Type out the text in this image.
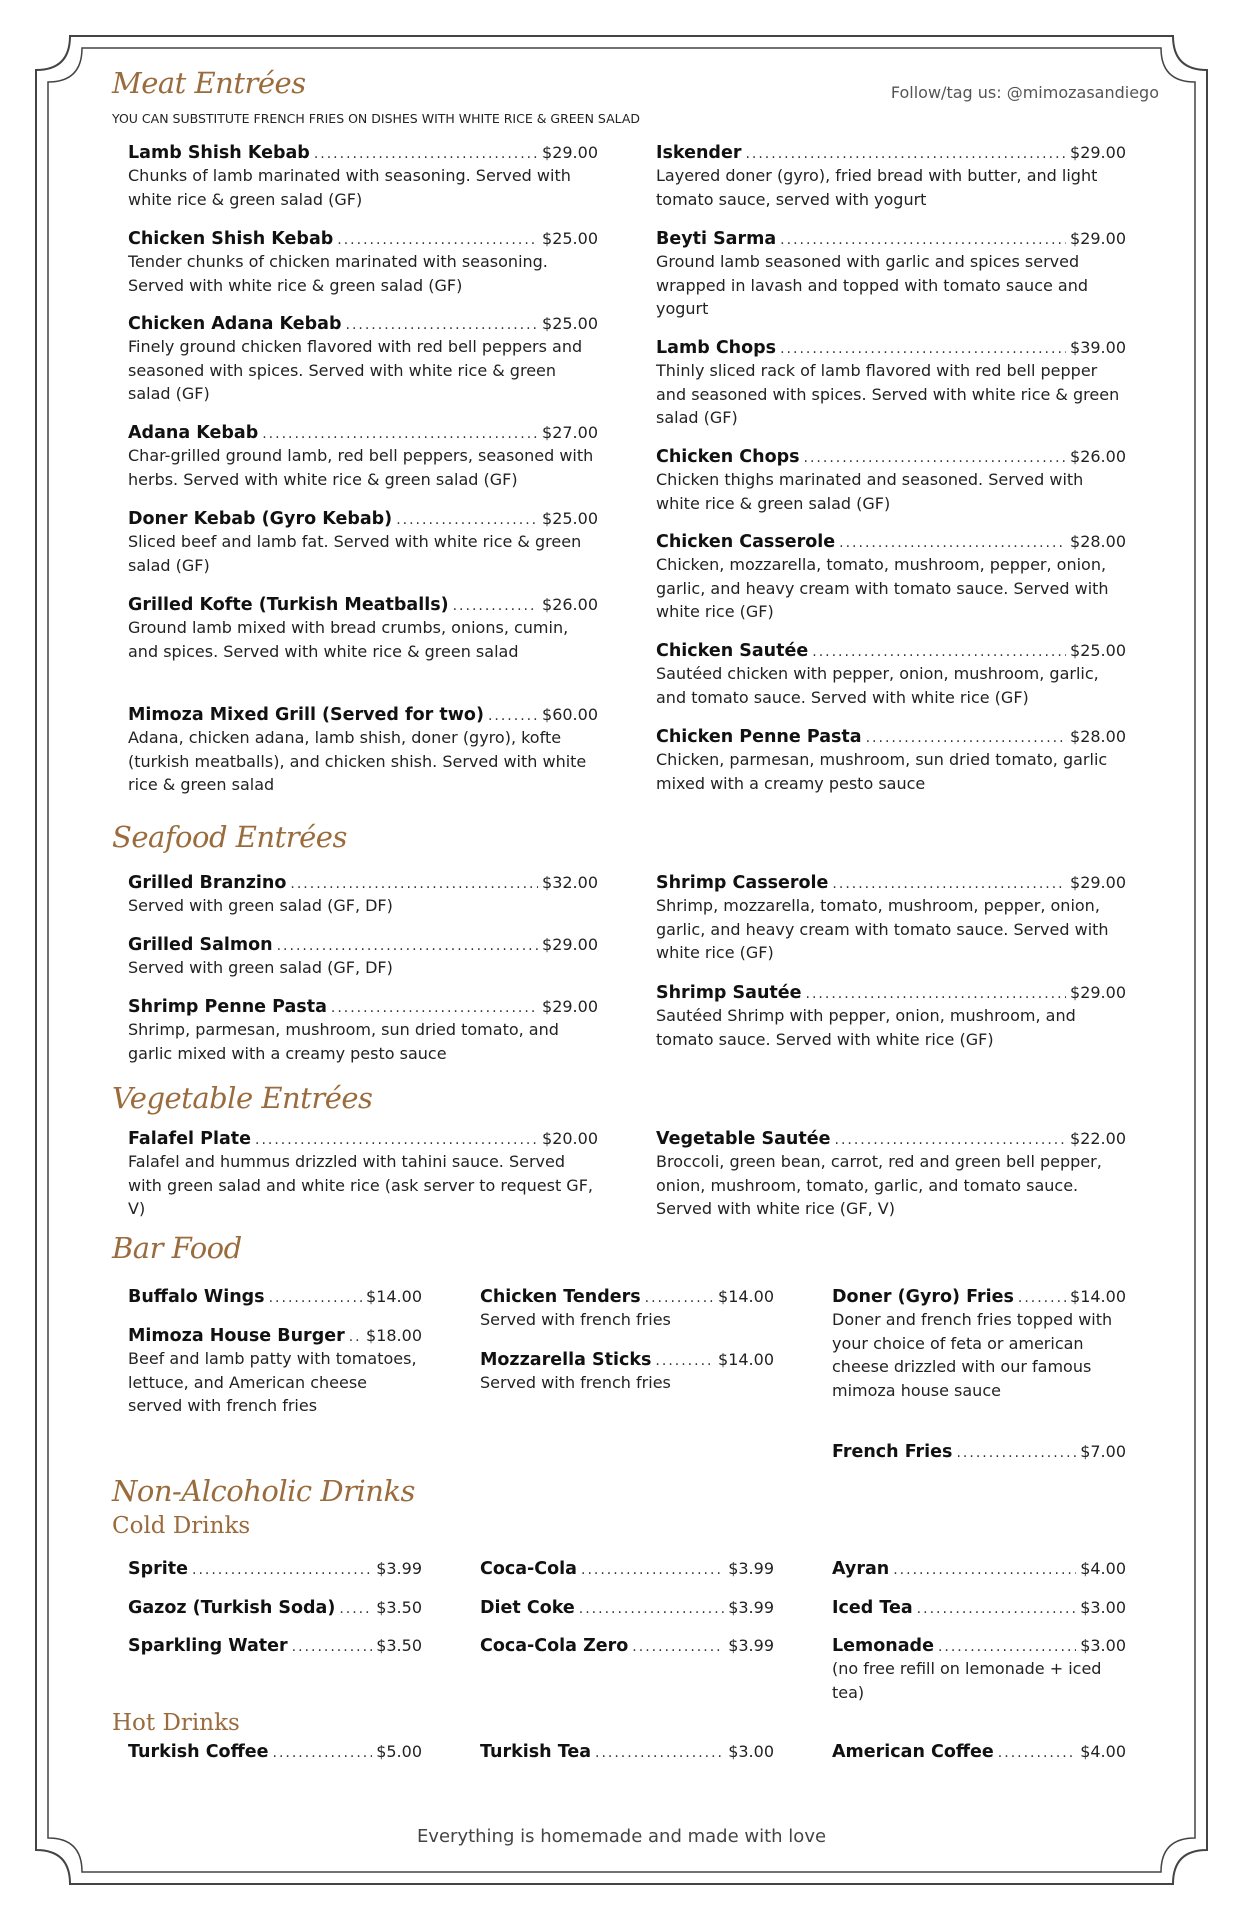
Meat Entrées	Follow/tag us: @mimozasandiego
YOU CAN SUBSTITUTE FRENCH FRIES ON DISHES WITH WHITE RICE & GREEN SALAD
Seafood Entrées
Vegetable Entrées
Bar Food
Non-Alcoholic Drinks
Cold Drinks
Hot Drinks
Lamb Shish Kebab .....	$29.00
Chunks of lamb marinated with seasoning. Served with white rice & green salad (GF)
Chicken Shish Kebab .....	$25.00
Tender chunks of chicken marinated with seasoning. Served with white rice & green salad (GF)
Chicken Adana Kebab .....	$25.00
Finely ground chicken flavored with red bell peppers and seasoned with spices. Served with white rice & green salad (GF)
Adana Kebab .....	$27.00
Char-grilled ground lamb, red bell peppers, seasoned with herbs. Served with white rice & green salad (GF)
Doner Kebab (Gyro Kebab) .....	$25.00
Sliced beef and lamb fat. Served with white rice & green salad (GF)
Grilled Kofte (Turkish Meatballs) .....	$26.00
Ground lamb mixed with bread crumbs, onions, cumin, and spices. Served with white rice & green salad
Mimoza Mixed Grill (Served for two) .....	$60.00
Adana, chicken adana, lamb shish, doner (gyro), kofte (turkish meatballs), and chicken shish. Served with white rice & green salad
Iskender .....	$29.00
Layered doner (gyro), fried bread with butter, and light tomato sauce, served with yogurt
Beyti Sarma .....	$29.00
Ground lamb seasoned with garlic and spices served wrapped in lavash and topped with tomato sauce and yogurt
Lamb Chops .....	$39.00
Thinly sliced rack of lamb flavored with red bell pepper and seasoned with spices. Served with white rice & green salad (GF)
Chicken Chops .....	$26.00
Chicken thighs marinated and seasoned. Served with white rice & green salad (GF)
Chicken Casserole .....	$28.00
Chicken, mozzarella, tomato, mushroom, pepper, onion, garlic, and heavy cream with tomato sauce. Served with white rice (GF)
Chicken Sautée .....	$25.00
Sautéed chicken with pepper, onion, mushroom, garlic, and tomato sauce. Served with white rice (GF)
Chicken Penne Pasta .....	$28.00
Chicken, parmesan, mushroom, sun dried tomato, garlic mixed with a creamy pesto sauce
Grilled Branzino .....	$32.00
Served with green salad (GF, DF)
Grilled Salmon .....	$29.00
Served with green salad (GF, DF)
Shrimp Penne Pasta .....	$29.00
Shrimp, parmesan, mushroom, sun dried tomato, and garlic mixed with a creamy pesto sauce
Shrimp Casserole .....	$29.00
Shrimp, mozzarella, tomato, mushroom, pepper, onion, garlic, and heavy cream with tomato sauce. Served with white rice (GF)
Shrimp Sautée .....	$29.00
Sautéed Shrimp with pepper, onion, mushroom, and tomato sauce. Served with white rice (GF)
Falafel Plate .....	$20.00
Falafel and hummus drizzled with tahini sauce. Served with green salad and white rice (ask server to request GF, V)
Vegetable Sautée .....	$22.00
Broccoli, green bean, carrot, red and green bell pepper, onion, mushroom, tomato, garlic, and tomato sauce. Served with white rice (GF, V)
Buffalo Wings .....	$14.00
Mimoza House Burger ..... $18.00
Beef and lamb patty with tomatoes, lettuce, and American cheese served with french fries
Chicken Tenders .....	$14.00
Served with french fries
Mozzarella Sticks .....	$14.00
Served with french fries
Doner (Gyro) Fries .....	$14.00
Doner and french fries topped with your choice of feta or american cheese drizzled with our famous mimoza house sauce
French Fries .....	$7.00
Sprite .....	$3.99
Gazoz (Turkish Soda) .....	$3.50
Sparkling Water .....	$3.50
Coca-Cola .....	$3.99
Diet Coke .....	$3.99
Coca-Cola Zero .....	$3.99
Ayran .....	$4.00
Iced Tea .....	$3.00
Lemonade .....	$3.00
(no free refill on lemonade + iced tea)
Turkish Coffee .....	$5.00	Turkish Tea .....	$3.00	American Coffee .....	$4.00
Everything is homemade and made with love
